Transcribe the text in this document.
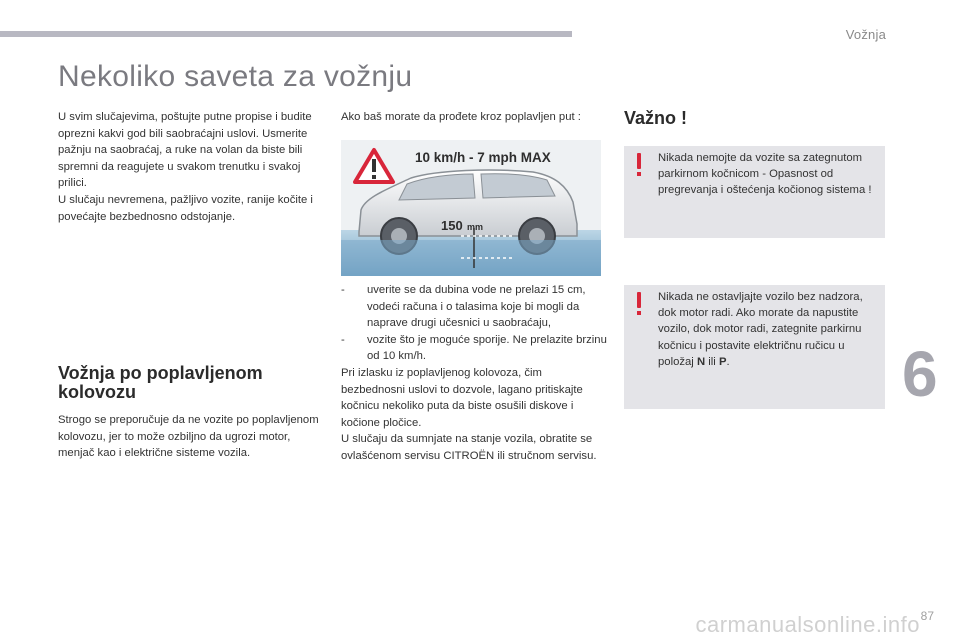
Vožnja
Nekoliko saveta za vožnju

U svim slučajevima, poštujte putne propise i budite oprezni kakvi god bili saobraćajni uslovi. Usmerite pažnju na saobraćaj, a ruke na volan da biste bili spremni da reagujete u svakom trenutku i svakoj prilici.

U slučaju nevremena, pažljivo vozite, ranije kočite i povećajte bezbednosno odstojanje.

Vožnja po poplavljenom kolovozu

Strogo se preporučuje da ne vozite po poplavljenom kolovozu, jer to može ozbiljno da ugrozi motor, menjač kao i električne sisteme vozila.

Ako baš morate da prođete kroz poplavljen put :
10 km/h - 7 mph MAX
150 mm
- uverite se da dubina vode ne prelazi 15 cm, vodeći računa i o talasima koje bi mogli da naprave drugi učesnici u saobraćaju,
- vozite što je moguće sporije. Ne prelazite brzinu od 10 km/h.

Pri izlasku iz poplavljenog kolovoza, čim bezbednosni uslovi to dozvole, lagano pritiskajte kočnicu nekoliko puta da biste osušili diskove i kočione pločice.

U slučaju da sumnjate na stanje vozila, obratite se ovlašćenom servisu CITROËN ili stručnom servisu.

Važno !
Nikada nemojte da vozite sa zategnutom parkirnom kočnicom - Opasnost od pregrevanja i oštećenja kočionog sistema !
Nikada ne ostavljajte vozilo bez nadzora, dok motor radi. Ako morate da napustite vozilo, dok motor radi, zategnite parkirnu kočnicu i postavite električnu ručicu u položaj N ili P.	6
carmanualsonline.info 87
